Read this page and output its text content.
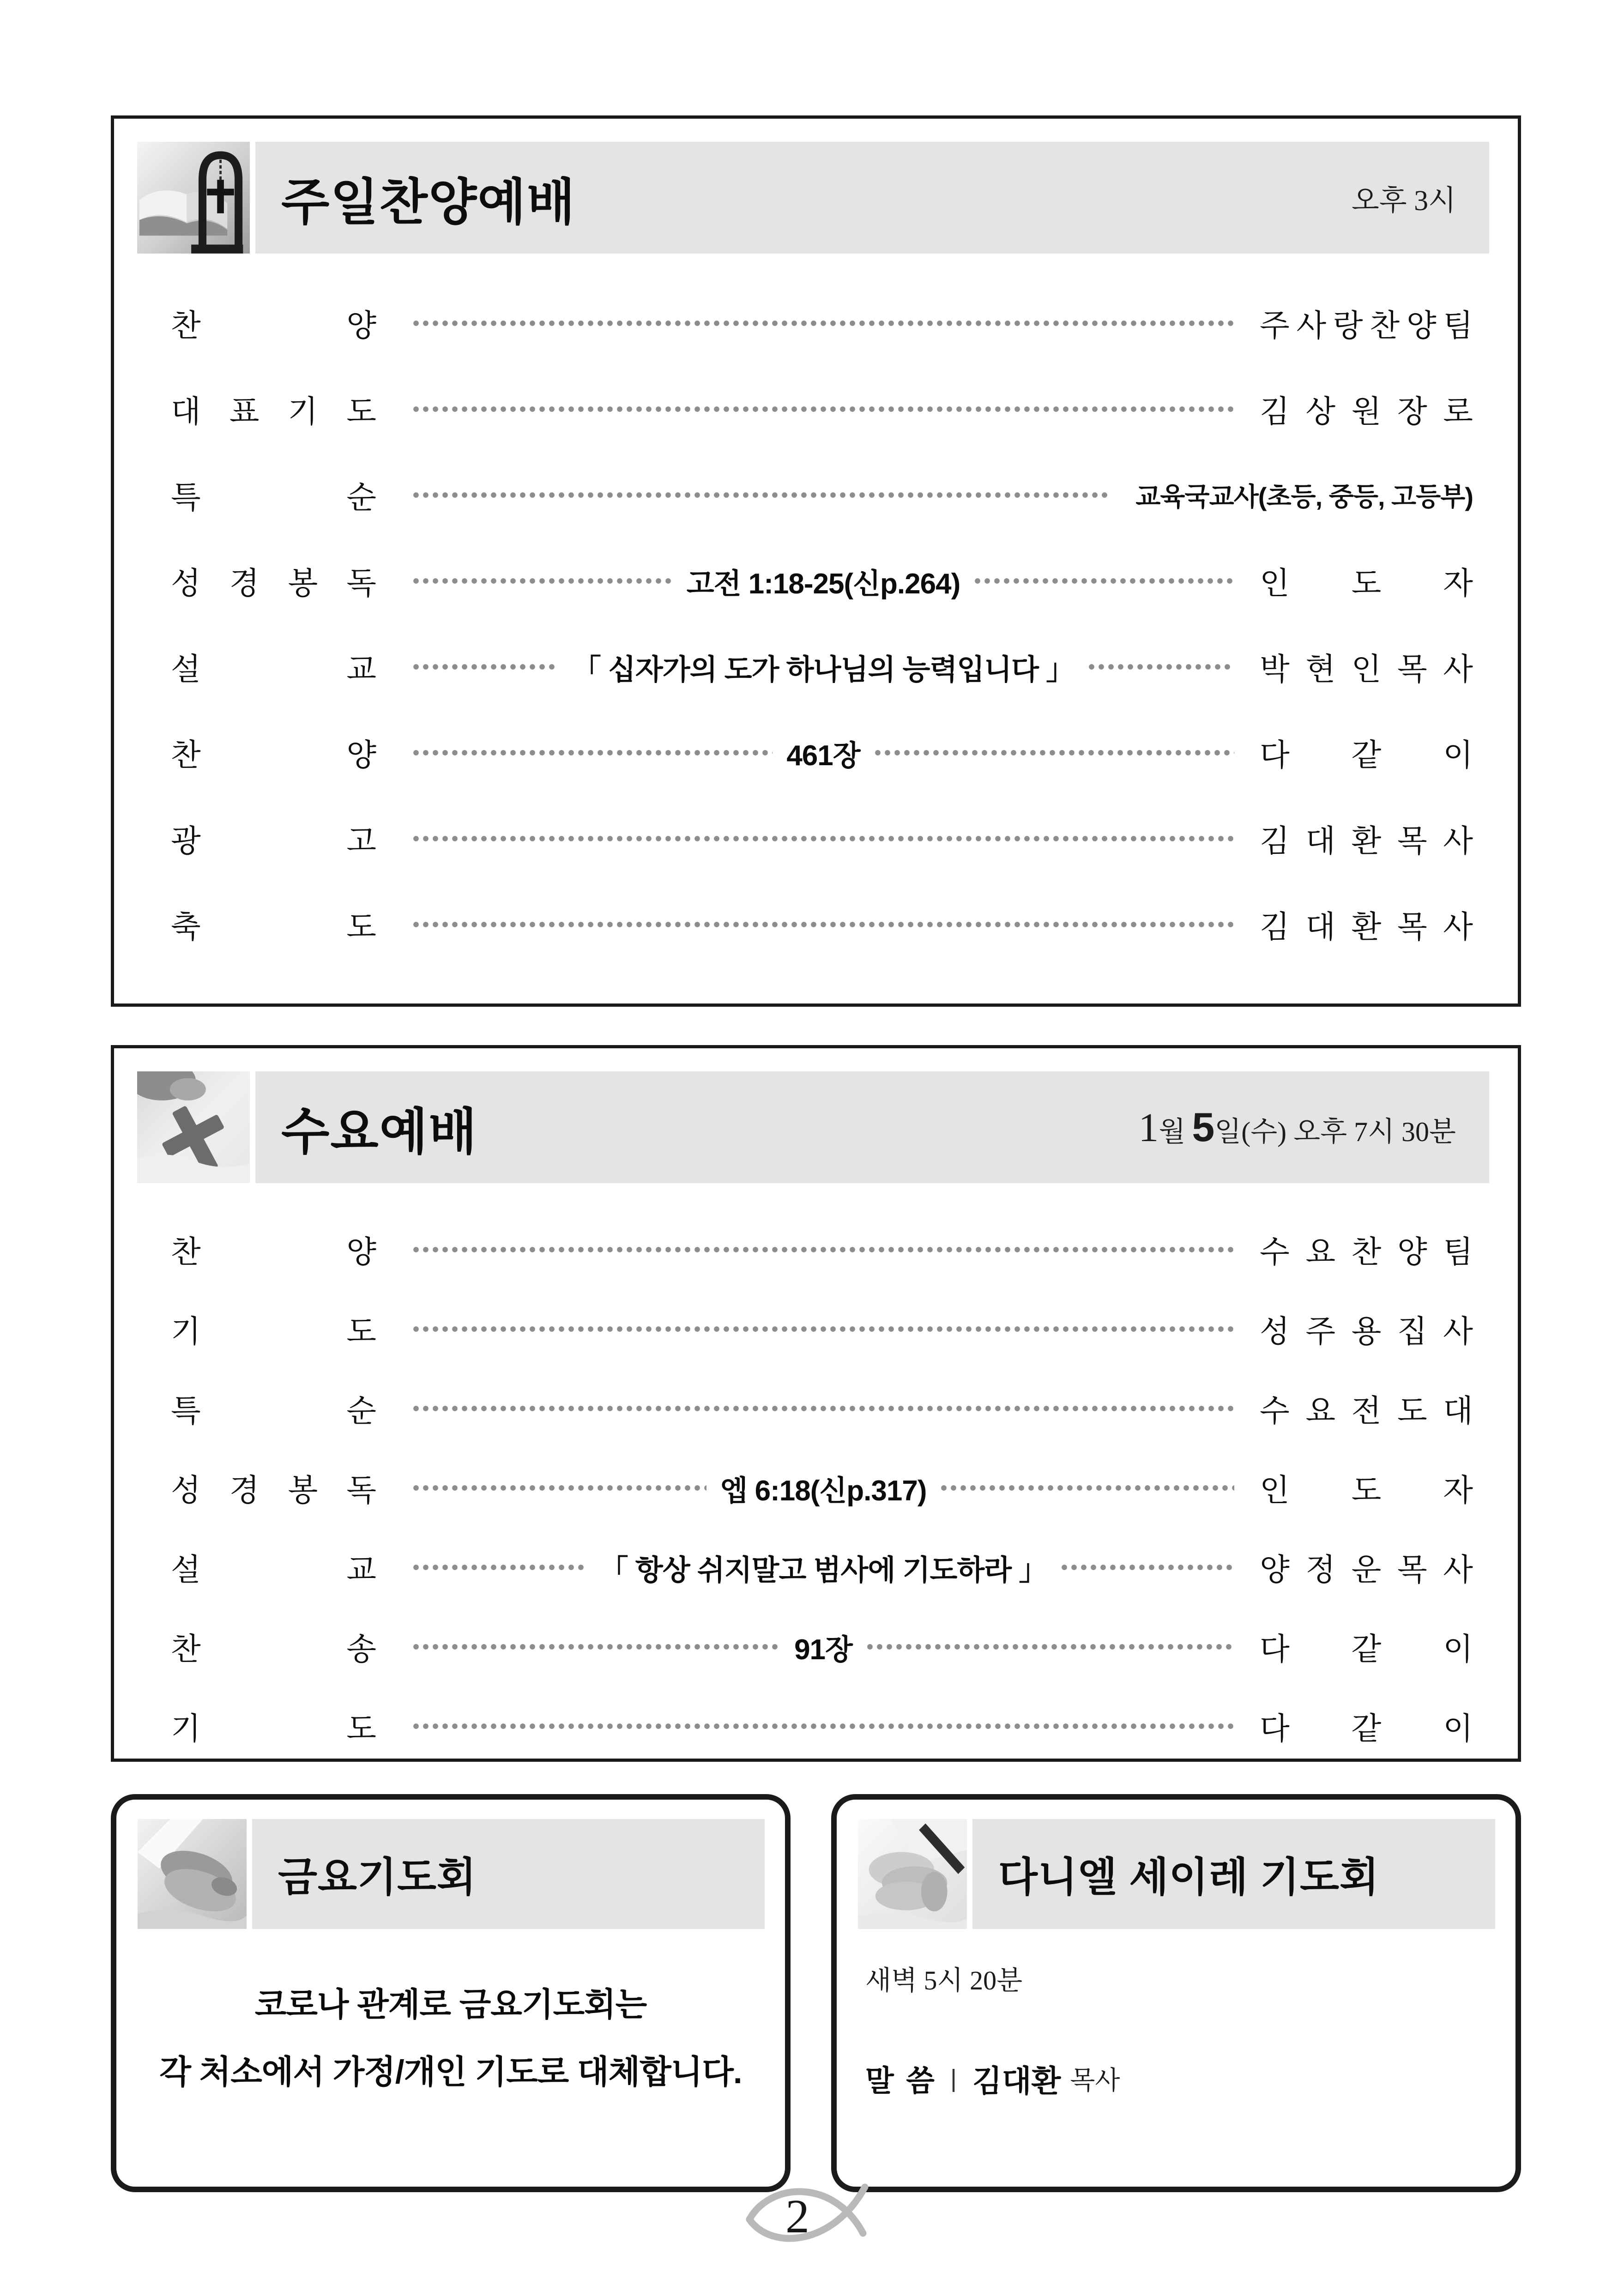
주일찬양예배	오후 3시
찬	양	주 사 랑 찬 양 팀
대 표 기 도	김 상 원 장 로
특	순	교육국교사(초등, 중등, 고등부)
성 경 봉 독	고전 1:18-25(신p.264)	인 도 자
설	교	「 십자가의 도가 하나님의 능력입니다 」	박 현 인 목 사
찬	양	461장	다 같 이
광	고	김 대 환 목 사
축	도	김 대 환 목 사
수요예배	1월 5일(수) 오후 7시 30분
찬	양	수 요 찬 양 팀
기	도	성 주 용 집 사
특	순	수 요 전 도 대
성 경 봉 독	엡 6:18(신p.317)	인 도 자
설	교	「 항상 쉬지말고 범사에 기도하라 」	양 정 운 목 사
찬	송	91장	다 같 이
기	도	다 같 이
금요기도회
코로나 관계로 금요기도회는
각 처소에서 가정/개인 기도로 대체합니다.
다니엘 세이레 기도회
새벽 5시 20분
말 씀 | 김대환 목사
2
